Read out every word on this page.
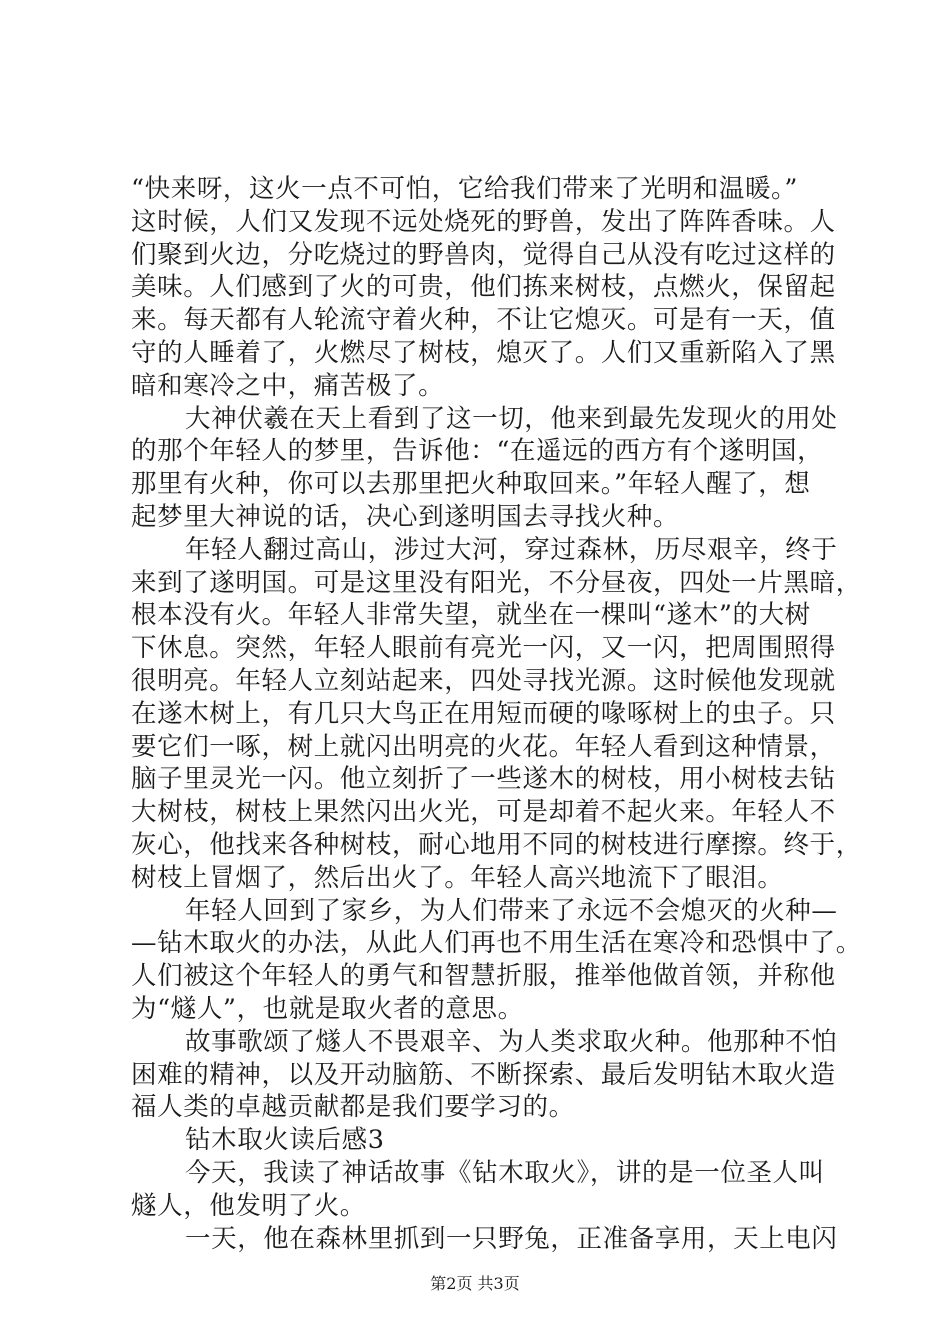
“快来呀，这火一点不可怕，它给我们带来了光明和温暖。”
这时候，人们又发现不远处烧死的野兽，发出了阵阵香味。人
们聚到火边，分吃烧过的野兽肉，觉得自己从没有吃过这样的
美味。人们感到了火的可贵，他们拣来树枝，点燃火，保留起
来。每天都有人轮流守着火种，不让它熄灭。可是有一天，值
守的人睡着了，火燃尽了树枝，熄灭了。人们又重新陷入了黑
暗和寒冷之中，痛苦极了。
大神伏羲在天上看到了这一切，他来到最先发现火的用处
的那个年轻人的梦里，告诉他：“在遥远的西方有个遂明国，
那里有火种，你可以去那里把火种取回来。”年轻人醒了，想
起梦里大神说的话，决心到遂明国去寻找火种。
年轻人翻过高山，涉过大河，穿过森林，历尽艰辛，终于
来到了遂明国。可是这里没有阳光，不分昼夜，四处一片黑暗，
根本没有火。年轻人非常失望，就坐在一棵叫“遂木”的大树
下休息。突然，年轻人眼前有亮光一闪，又一闪，把周围照得
很明亮。年轻人立刻站起来，四处寻找光源。这时候他发现就
在遂木树上，有几只大鸟正在用短而硬的喙啄树上的虫子。只
要它们一啄，树上就闪出明亮的火花。年轻人看到这种情景，
脑子里灵光一闪。他立刻折了一些遂木的树枝，用小树枝去钻
大树枝，树枝上果然闪出火光，可是却着不起火来。年轻人不
灰心，他找来各种树枝，耐心地用不同的树枝进行摩擦。终于，
树枝上冒烟了，然后出火了。年轻人高兴地流下了眼泪。
年轻人回到了家乡，为人们带来了永远不会熄灭的火种—
—钻木取火的办法，从此人们再也不用生活在寒冷和恐惧中了。
人们被这个年轻人的勇气和智慧折服，推举他做首领，并称他
为“燧人”，也就是取火者的意思。
故事歌颂了燧人不畏艰辛、为人类求取火种。他那种不怕
困难的精神，以及开动脑筋、不断探索、最后发明钻木取火造
福人类的卓越贡献都是我们要学习的。
钻木取火读后感3
今天，我读了神话故事《钻木取火》，讲的是一位圣人叫
燧人，他发明了火。
一天，他在森林里抓到一只野兔，正准备享用，天上电闪
第2页 共3页
